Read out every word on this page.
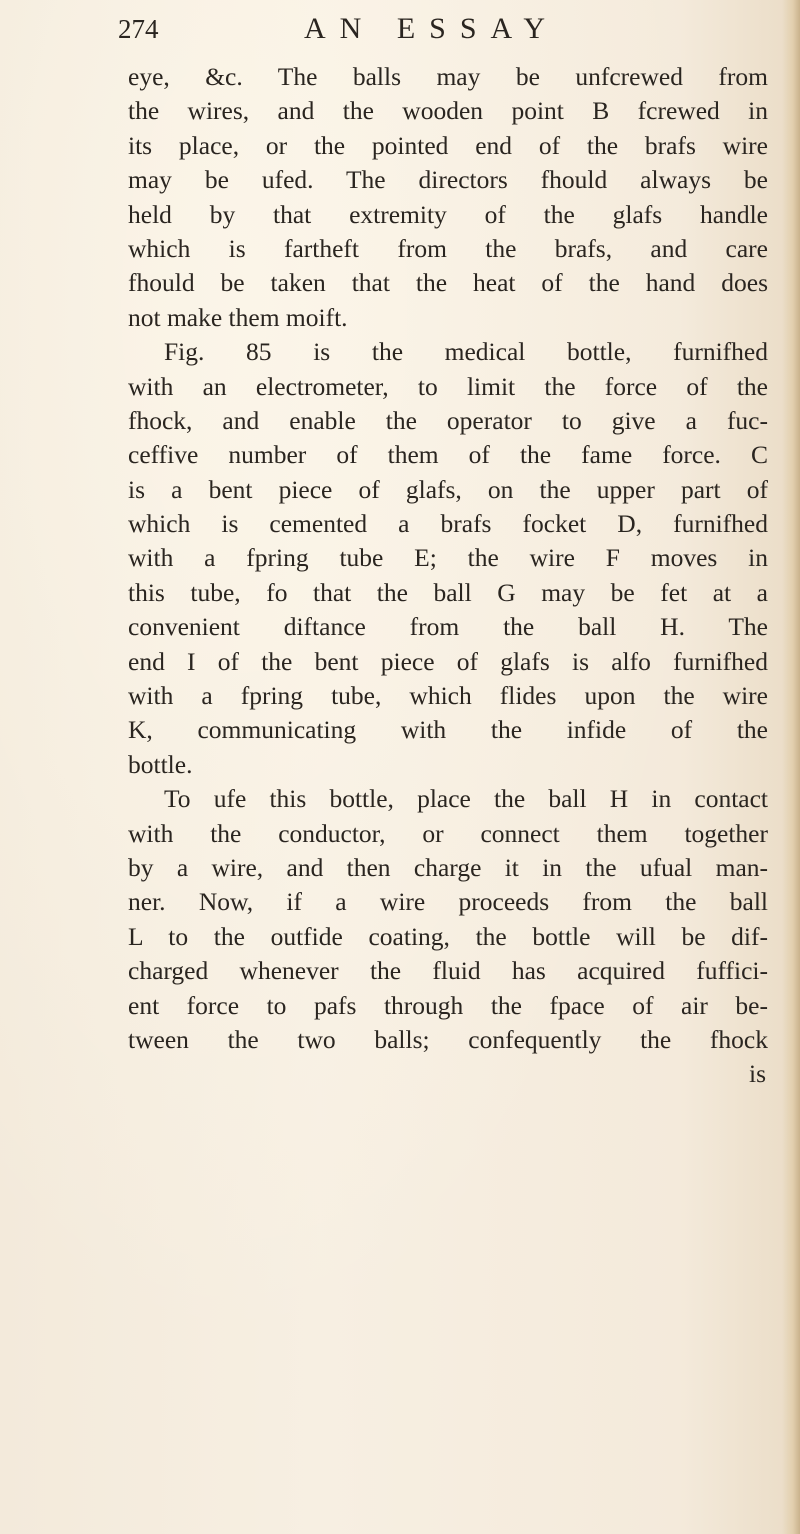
274	AN ESSAY
eye, &c. The balls may be unfcrewed from
the wires, and the wooden point B fcrewed in
its place, or the pointed end of the brafs wire
may be ufed. The directors fhould always be
held by that extremity of the glafs handle
which is fartheft from the brafs, and care
fhould be taken that the heat of the hand does
not make them moift.
Fig. 85 is the medical bottle, furnifhed
with an electrometer, to limit the force of the
fhock, and enable the operator to give a fuc-
ceffive number of them of the fame force. C
is a bent piece of glafs, on the upper part of
which is cemented a brafs focket D, furnifhed
with a fpring tube E; the wire F moves in
this tube, fo that the ball G may be fet at a
convenient diftance from the ball H. The
end I of the bent piece of glafs is alfo furnifhed
with a fpring tube, which flides upon the wire
K, communicating with the infide of the
bottle.
To ufe this bottle, place the ball H in contact
with the conductor, or connect them together
by a wire, and then charge it in the ufual man-
ner. Now, if a wire proceeds from the ball
L to the outfide coating, the bottle will be dif-
charged whenever the fluid has acquired fuffici-
ent force to pafs through the fpace of air be-
tween the two balls; confequently the fhock
is
